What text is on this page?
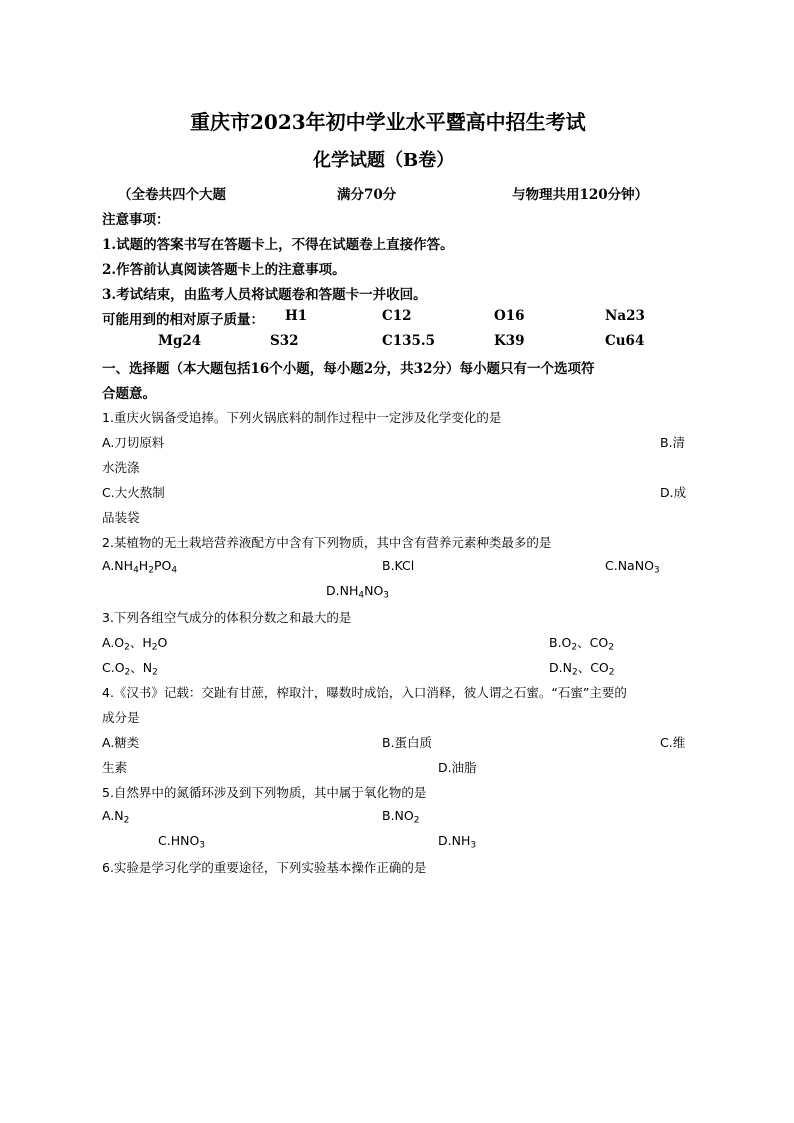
重庆市2023年初中学业水平暨高中招生考试
化学试题（B卷）
（全卷共四个大题	满分70分	与物理共用120分钟）
注意事项：
1.试题的答案书写在答题卡上，不得在试题卷上直接作答。
2.作答前认真阅读答题卡上的注意事项。
3.考试结束，由监考人员将试题卷和答题卡一并收回。
可能用到的相对原子质量： H1	C12	O16	Na23
Mg24	S32	C135.5	K39	Cu64
一、选择题（本大题包括16个小题，每小题2分，共32分）每小题只有一个选项符
合题意。
1.重庆火锅备受追捧。下列火锅底料的制作过程中一定涉及化学变化的是
A.刀切原料	B.清
水洗涤
C.大火熬制	D.成
品装袋
2.某植物的无土栽培营养液配方中含有下列物质，其中含有营养元素种类最多的是
$A.NH_4H_2PO_4$	B.KCl	C.NaNO$_3$
$D.NH_4NO_3$
3.下列各组空气成分的体积分数之和最大的是
$A.O_2$、$H_2O$	$B.O_2$、$CO_2$
$C.O_2$、$N_2$	$D.N_2$、$CO_2$
4.《汉书》记载：交趾有甘蔗，榨取汁，曝数时成饴，入口消释，彼人谓之石蜜。“石蜜”主要的
成分是
A.糖类	B.蛋白质	C.维
生素	D.油脂
5.自然界中的氮循环涉及到下列物质，其中属于氧化物的是
$A.N_2$	$B.NO_2$
$C.HNO_3$	$D.NH_3$
6.实验是学习化学的重要途径，下列实验基本操作正确的是
